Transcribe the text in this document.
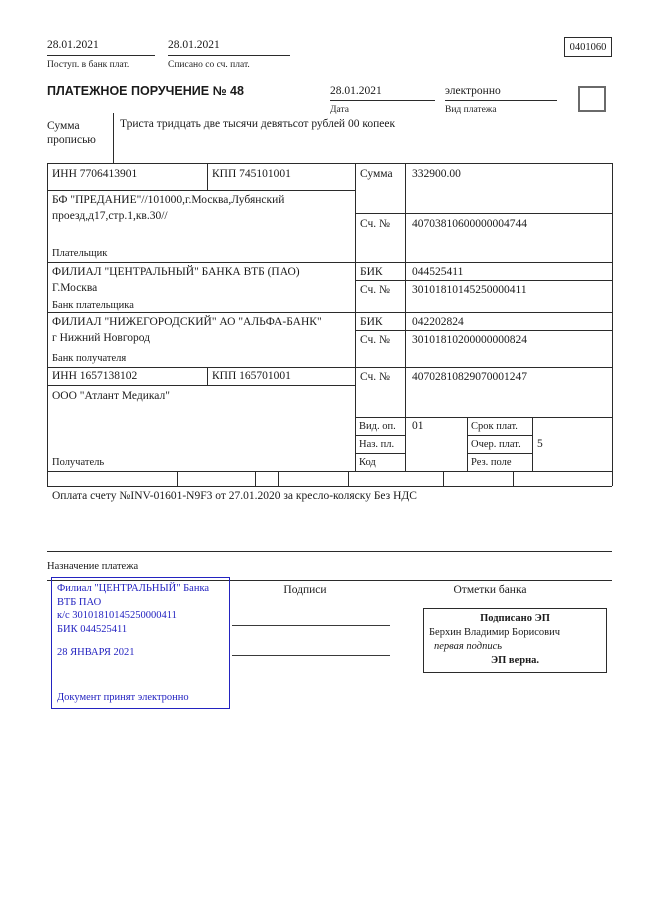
28.01.2021
Поступ. в банк плат.
28.01.2021
Списано со сч. плат.
0401060
ПЛАТЕЖНОЕ ПОРУЧЕНИЕ № 48	28.01.2021
Дата
электронно
Вид платежа
Сумма
прописью
Триста тридцать две тысячи девятьсот рублей 00 копеек
ИНН 7706413901	КПП 745101001	Сумма 332900.00
БФ "ПРЕДАНИЕ"//101000,г.Москва,Лубянский
проезд,д17,стр.1,кв.30//
Сч. № 40703810600000004744
Плательщик
ФИЛИАЛ "ЦЕНТРАЛЬНЫЙ" БАНКА ВТБ (ПАО)
Г.Москва
БИК	044525411
Сч. № 30101810145250000411
Банк плательщика
ФИЛИАЛ "НИЖЕГОРОДСКИЙ" АО "АЛЬФА-БАНК"
г Нижний Новгород
БИК	042202824
Сч. № 30101810200000000824
Банк получателя
ИНН 1657138102	КПП 165701001	Сч. № 40702810829070001247
ООО "Атлант Медикал"
Получатель
Вид. оп. 01	Срок плат.
Наз. пл.	Очер. плат. 5
Код	Рез. поле
Оплата счету №INV-01601-N9F3 от 27.01.2020 за кресло-коляску Без НДС
Назначение платежа
Подписи	Отметки банка
Филиал "ЦЕНТРАЛЬНЫЙ" Банка
ВТБ ПАО
к/с 30101810145250000411
БИК 044525411
28 ЯНВАРЯ 2021
Документ принят электронно
Подписано ЭП
Берхин Владимир Борисович
первая подпись
ЭП верна.
